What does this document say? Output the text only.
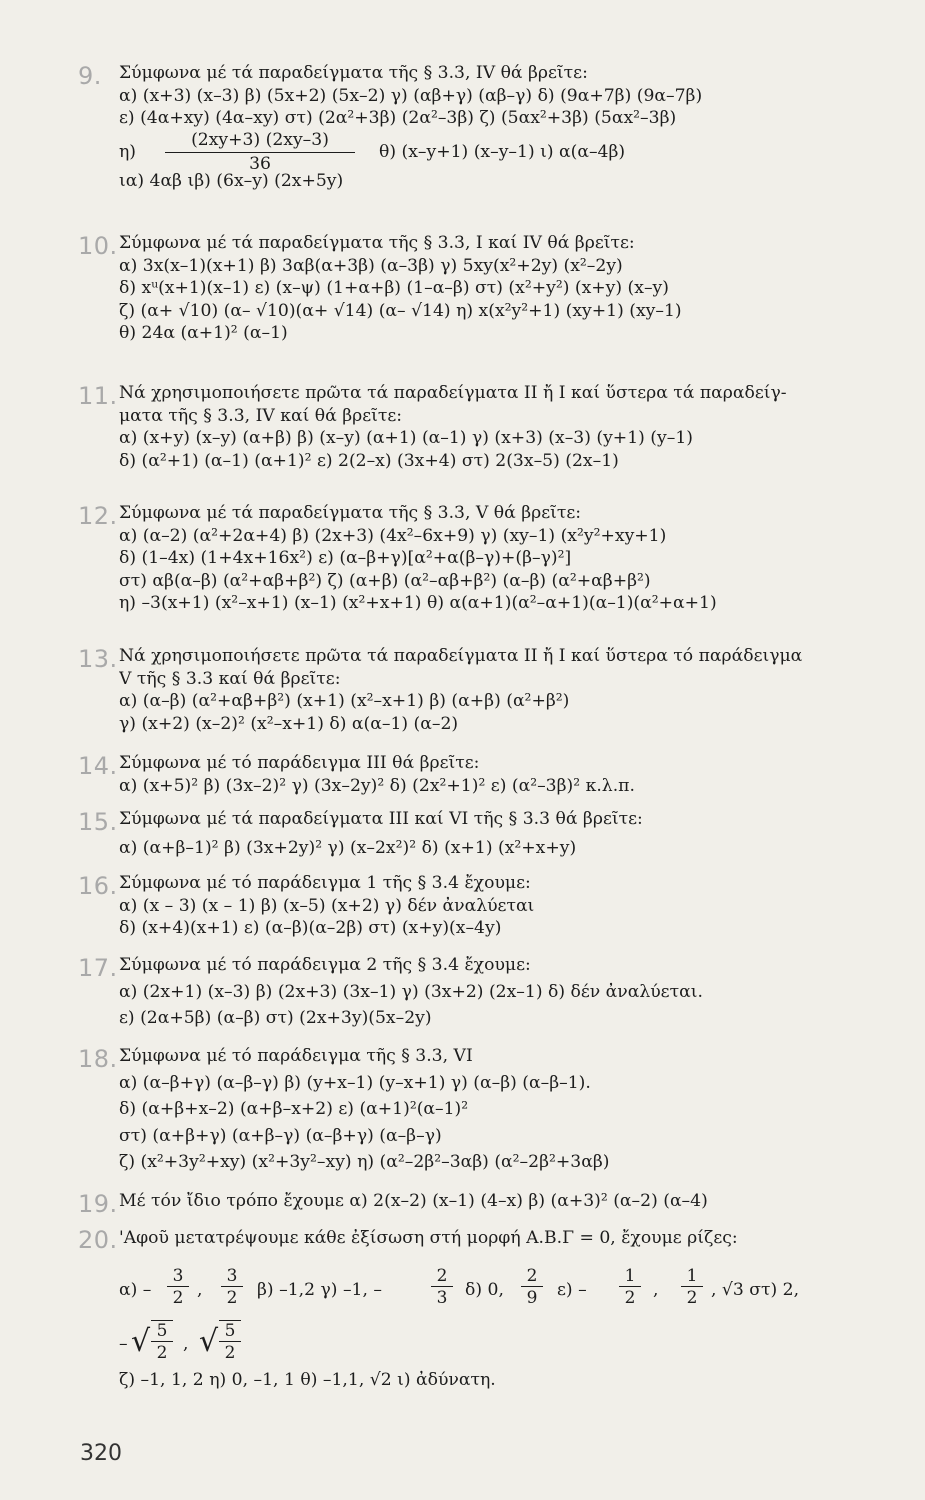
9. Σύμφωνα μέ τά παραδείγματα τῆς § 3.3, IV θά βρεῖτε:
α) (x+3) (x–3) β) (5x+2) (5x–2) γ) (αβ+γ) (αβ–γ) δ) (9α+7β) (9α–7β)
ε) (4α+xy) (4α–xy) στ) (2α²+3β) (2α²–3β) ζ) (5αx²+3β) (5αx²–3β)
η)
(2xy+3) (2xy–3)
36
θ) (x–y+1) (x–y–1) ι) α(α–4β)
ια) 4αβ ιβ) (6x–y) (2x+5y)
10. Σύμφωνα μέ τά παραδείγματα τῆς § 3.3, I καί IV θά βρεῖτε:
α) 3x(x–1)(x+1) β) 3αβ(α+3β) (α–3β) γ) 5xy(x²+2y) (x²–2y)
δ) xᵘ(x+1)(x–1) ε) (x–ψ) (1+α+β) (1–α–β) στ) (x²+y²) (x+y) (x–y)
ζ) (α+ √10) (α– √10)(α+ √14) (α– √14) η) x(x²y²+1) (xy+1) (xy–1)
θ) 24α (α+1)² (α–1)
11. Νά χρησιμοποιήσετε πρῶτα τά παραδείγματα II ἤ I καί ὕστερα τά παραδείγ-
ματα τῆς § 3.3, IV καί θά βρεῖτε:
α) (x+y) (x–y) (α+β) β) (x–y) (α+1) (α–1) γ) (x+3) (x–3) (y+1) (y–1)
δ) (α²+1) (α–1) (α+1)² ε) 2(2–x) (3x+4) στ) 2(3x–5) (2x–1)
12. Σύμφωνα μέ τά παραδείγματα τῆς § 3.3, V θά βρεῖτε:
α) (α–2) (α²+2α+4) β) (2x+3) (4x²–6x+9) γ) (xy–1) (x²y²+xy+1)
δ) (1–4x) (1+4x+16x²) ε) (α–β+γ)[α²+α(β–γ)+(β–γ)²]
στ) αβ(α–β) (α²+αβ+β²) ζ) (α+β) (α²–αβ+β²) (α–β) (α²+αβ+β²)
η) –3(x+1) (x²–x+1) (x–1) (x²+x+1) θ) α(α+1)(α²–α+1)(α–1)(α²+α+1)
13. Νά χρησιμοποιήσετε πρῶτα τά παραδείγματα II ἤ I καί ὕστερα τό παράδειγμα
V τῆς § 3.3 καί θά βρεῖτε:
α) (α–β) (α²+αβ+β²) (x+1) (x²–x+1) β) (α+β) (α²+β²)
γ) (x+2) (x–2)² (x²–x+1) δ) α(α–1) (α–2)
14. Σύμφωνα μέ τό παράδειγμα III θά βρεῖτε:
α) (x+5)² β) (3x–2)² γ) (3x–2y)² δ) (2x²+1)² ε) (α²–3β)² κ.λ.π.
15. Σύμφωνα μέ τά παραδείγματα III καί VI τῆς § 3.3 θά βρεῖτε:
α) (α+β–1)² β) (3x+2y)² γ) (x–2x²)² δ) (x+1) (x²+x+y)
16. Σύμφωνα μέ τό παράδειγμα 1 τῆς § 3.4 ἔχουμε:
α) (x – 3) (x – 1) β) (x–5) (x+2) γ) δέν ἀναλύεται
δ) (x+4)(x+1) ε) (α–β)(α–2β) στ) (x+y)(x–4y)
17. Σύμφωνα μέ τό παράδειγμα 2 τῆς § 3.4 ἔχουμε:
α) (2x+1) (x–3) β) (2x+3) (3x–1) γ) (3x+2) (2x–1) δ) δέν ἀναλύεται.
ε) (2α+5β) (α–β) στ) (2x+3y)(5x–2y)
18. Σύμφωνα μέ τό παράδειγμα τῆς § 3.3, VI
α) (α–β+γ) (α–β–γ) β) (y+x–1) (y–x+1) γ) (α–β) (α–β–1).
δ) (α+β+x–2) (α+β–x+2) ε) (α+1)²(α–1)²
στ) (α+β+γ) (α+β–γ) (α–β+γ) (α–β–γ)
ζ) (x²+3y²+xy) (x²+3y²–xy) η) (α²–2β²–3αβ) (α²–2β²+3αβ)
19. Μέ τόν ἴδιο τρόπο ἔχουμε α) 2(x–2) (x–1) (4–x) β) (α+3)² (α–2) (α–4)
20. 'Αφοῦ μετατρέψουμε κάθε ἐξίσωση στή μορφή Α.Β.Γ = 0, ἔχουμε ρίζες:
α) –
3
2 ,
3
2	β) –1,2 γ) –1, –
2
3	δ) 0,
2
9	ε) –
1
2	,
1
2 , √3 στ) 2,
– √ 5
2 , √ 5
2
ζ) –1, 1, 2 η) 0, –1, 1 θ) –1,1, √2 ι) ἀδύνατη.
320
